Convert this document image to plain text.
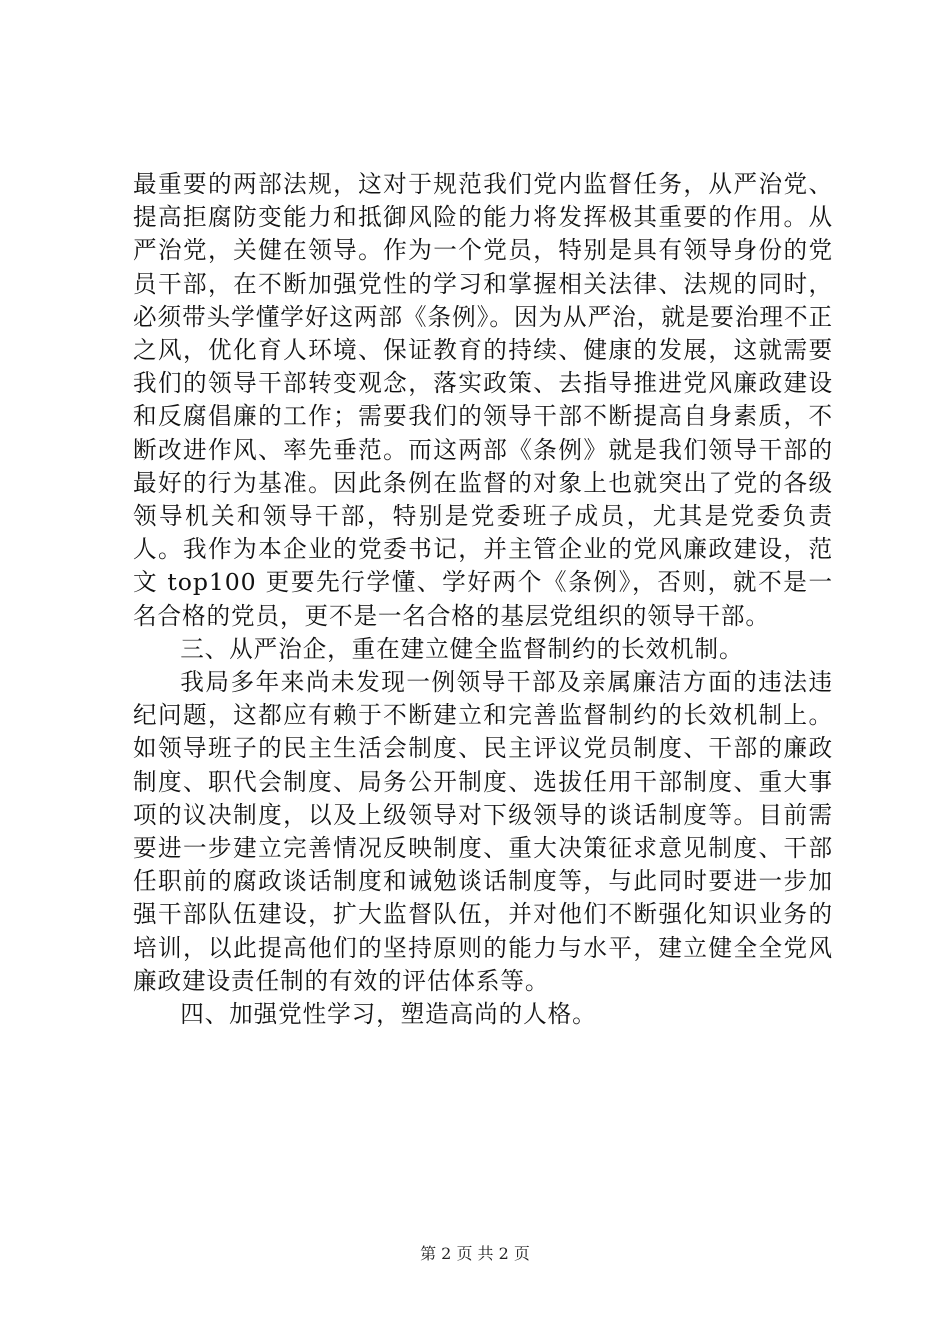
最重要的两部法规，这对于规范我们党内监督任务，从严治党、提高拒腐防变能力和抵御风险的能力将发挥极其重要的作用。从严治党，关健在领导。作为一个党员，特别是具有领导身份的党员干部，在不断加强党性的学习和掌握相关法律、法规的同时，必须带头学懂学好这两部《条例》。因为从严治，就是要治理不正之风，优化育人环境、保证教育的持续、健康的发展，这就需要我们的领导干部转变观念，落实政策、去指导推进党风廉政建设和反腐倡廉的工作；需要我们的领导干部不断提高自身素质，不断改进作风、率先垂范。而这两部《条例》就是我们领导干部的最好的行为基准。因此条例在监督的对象上也就突出了党的各级领导机关和领导干部，特别是党委班子成员，尤其是党委负责人。我作为本企业的党委书记，并主管企业的党风廉政建设，范文 top100 更要先行学懂、学好两个《条例》，否则，就不是一名合格的党员，更不是一名合格的基层党组织的领导干部。

三、从严治企，重在建立健全监督制约的长效机制。

我局多年来尚未发现一例领导干部及亲属廉洁方面的违法违纪问题，这都应有赖于不断建立和完善监督制约的长效机制上。如领导班子的民主生活会制度、民主评议党员制度、干部的廉政制度、职代会制度、局务公开制度、选拔任用干部制度、重大事项的议决制度，以及上级领导对下级领导的谈话制度等。目前需要进一步建立完善情况反映制度、重大决策征求意见制度、干部任职前的腐政谈话制度和诫勉谈话制度等，与此同时要进一步加强干部队伍建设，扩大监督队伍，并对他们不断强化知识业务的培训，以此提高他们的坚持原则的能力与水平，建立健全全党风廉政建设责任制的有效的评估体系等。

四、加强党性学习，塑造高尚的人格。

第 2 页 共 2 页
